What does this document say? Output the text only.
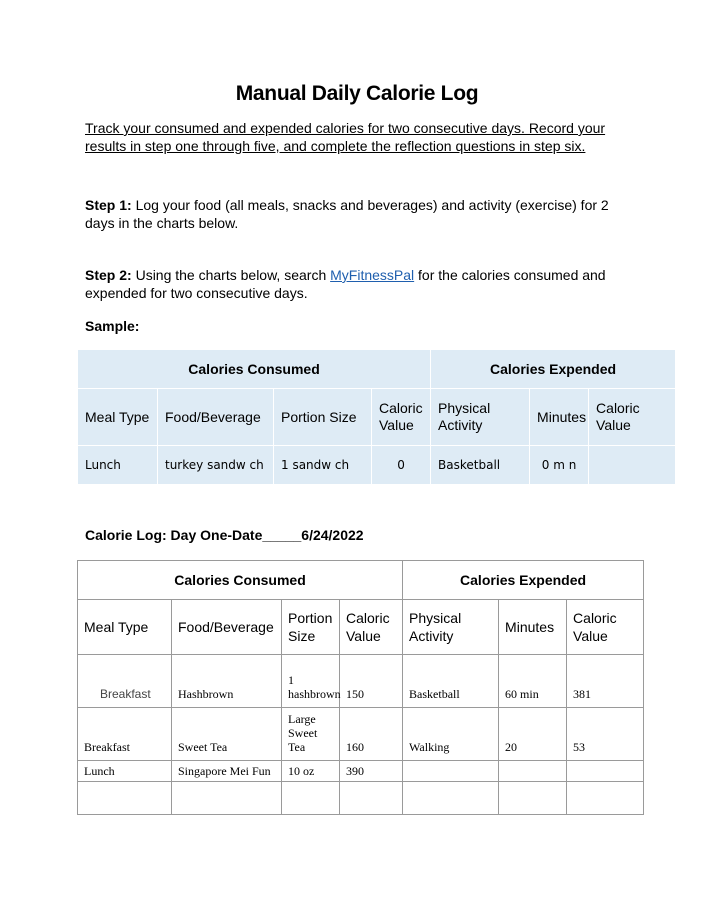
Manual Daily Calorie Log
Track your consumed and expended calories for two consecutive days. Record your results in step one through five, and complete the reflection questions in step six.
Step 1: Log your food (all meals, snacks and beverages) and activity (exercise) for 2 days in the charts below.
Step 2: Using the charts below, search MyFitnessPal for the calories consumed and expended for two consecutive days.
Sample:
Calories Consumed				Calories Expended		
Meal Type	Food/Beverage	Portion Size	Caloric Value	Physical Activity	Minutes	Caloric Value
Lunch	turkey sandw ch	1 sandw ch	0	Basketball	0 m n	
Calorie Log: Day One-Date_____6/24/2022
Calories Consumed				Calories Expended		
Meal Type	Food/Beverage	Portion Size	Caloric Value	Physical Activity	Minutes	Caloric Value
Breakfast	Hashbrown	1 hashbrown	150	Basketball	60 min	381
Breakfast	Sweet Tea	Large Sweet Tea	160	Walking	20	53
Lunch	Singapore Mei Fun	10 oz	390			
